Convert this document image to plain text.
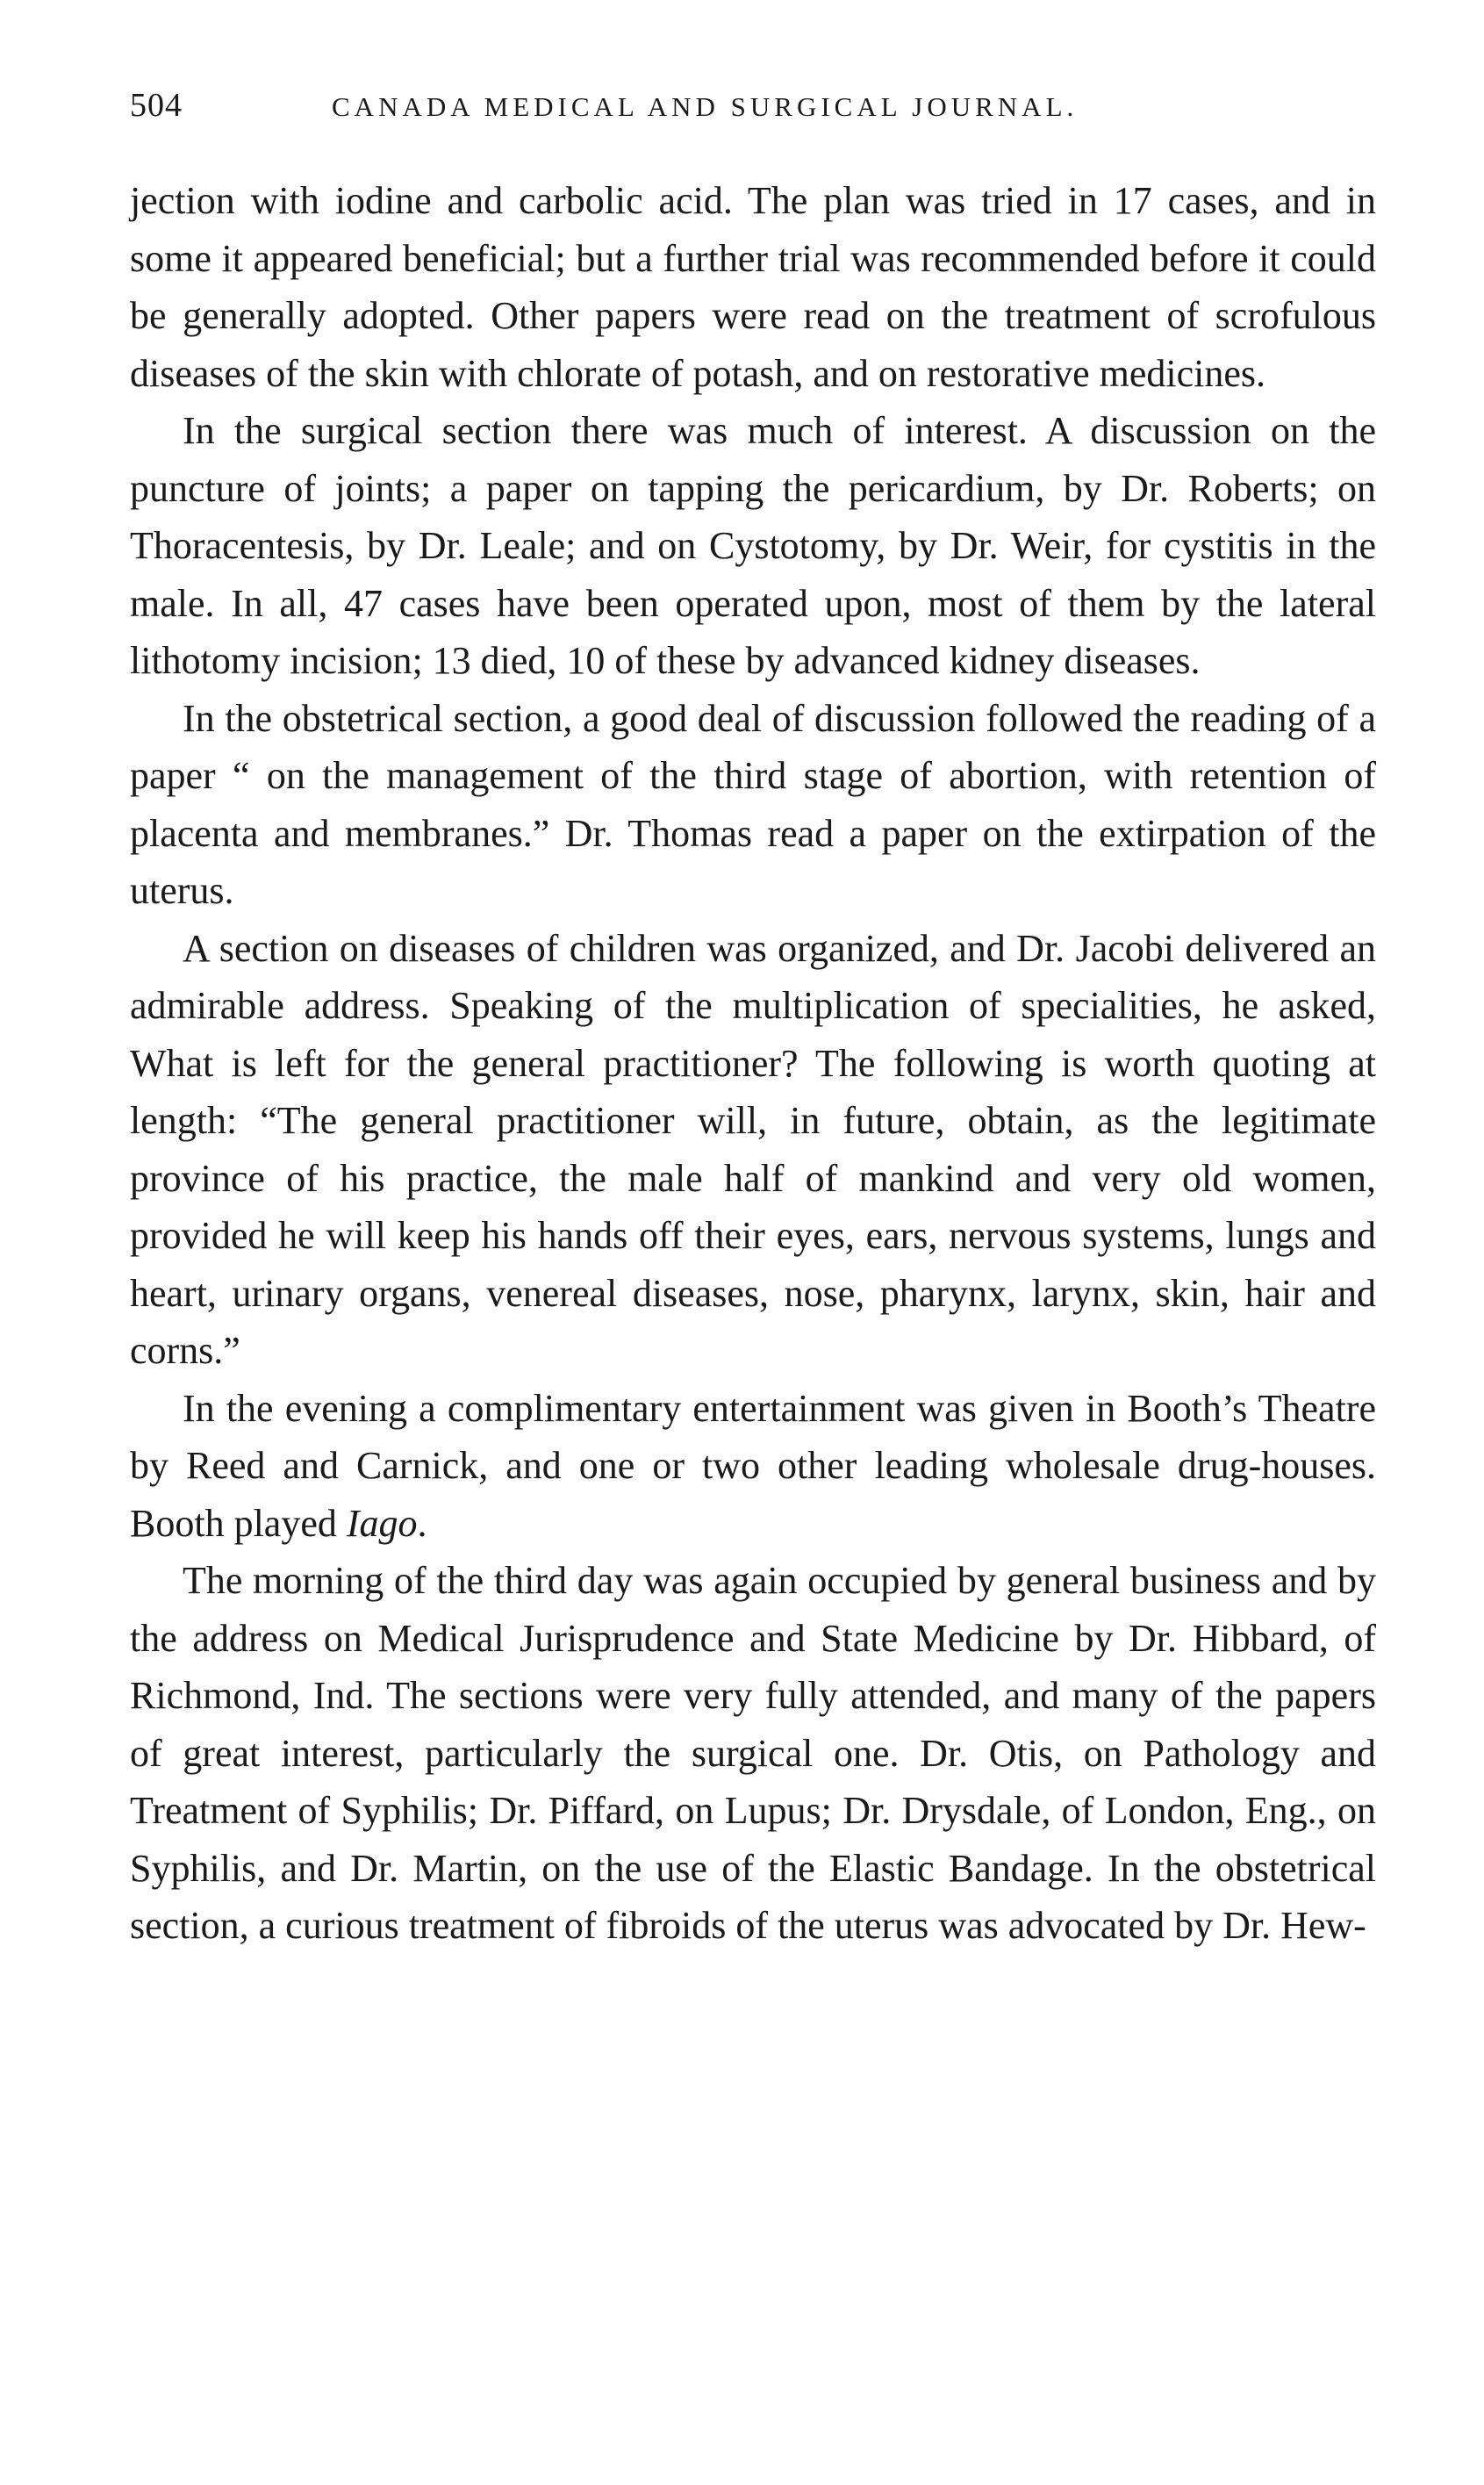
504	CANADA MEDICAL AND SURGICAL JOURNAL.

jection with iodine and carbolic acid. The plan was tried in 17 cases, and in some it appeared beneficial; but a further trial was recommended before it could be generally adopted. Other papers were read on the treatment of scrofulous diseases of the skin with chlorate of potash, and on restorative medicines.

In the surgical section there was much of interest. A discussion on the puncture of joints; a paper on tapping the pericardium, by Dr. Roberts; on Thoracentesis, by Dr. Leale; and on Cystotomy, by Dr. Weir, for cystitis in the male. In all, 47 cases have been operated upon, most of them by the lateral lithotomy incision; 13 died, 10 of these by advanced kidney diseases.

In the obstetrical section, a good deal of discussion followed the reading of a paper “ on the management of the third stage of abortion, with retention of placenta and membranes.” Dr. Thomas read a paper on the extirpation of the uterus.

A section on diseases of children was organized, and Dr. Jacobi delivered an admirable address. Speaking of the multiplication of specialities, he asked, What is left for the general practitioner? The following is worth quoting at length: “The general practitioner will, in future, obtain, as the legitimate province of his practice, the male half of mankind and very old women, provided he will keep his hands off their eyes, ears, nervous systems, lungs and heart, urinary organs, venereal diseases, nose, pharynx, larynx, skin, hair and corns.”

In the evening a complimentary entertainment was given in Booth’s Theatre by Reed and Carnick, and one or two other leading wholesale drug-houses. Booth played Iago.

The morning of the third day was again occupied by general business and by the address on Medical Jurisprudence and State Medicine by Dr. Hibbard, of Richmond, Ind. The sections were very fully attended, and many of the papers of great interest, particularly the surgical one. Dr. Otis, on Pathology and Treatment of Syphilis; Dr. Piffard, on Lupus; Dr. Drysdale, of London, Eng., on Syphilis, and Dr. Martin, on the use of the Elastic Bandage. In the obstetrical section, a curious treatment of fibroids of the uterus was advocated by Dr. Hew-
